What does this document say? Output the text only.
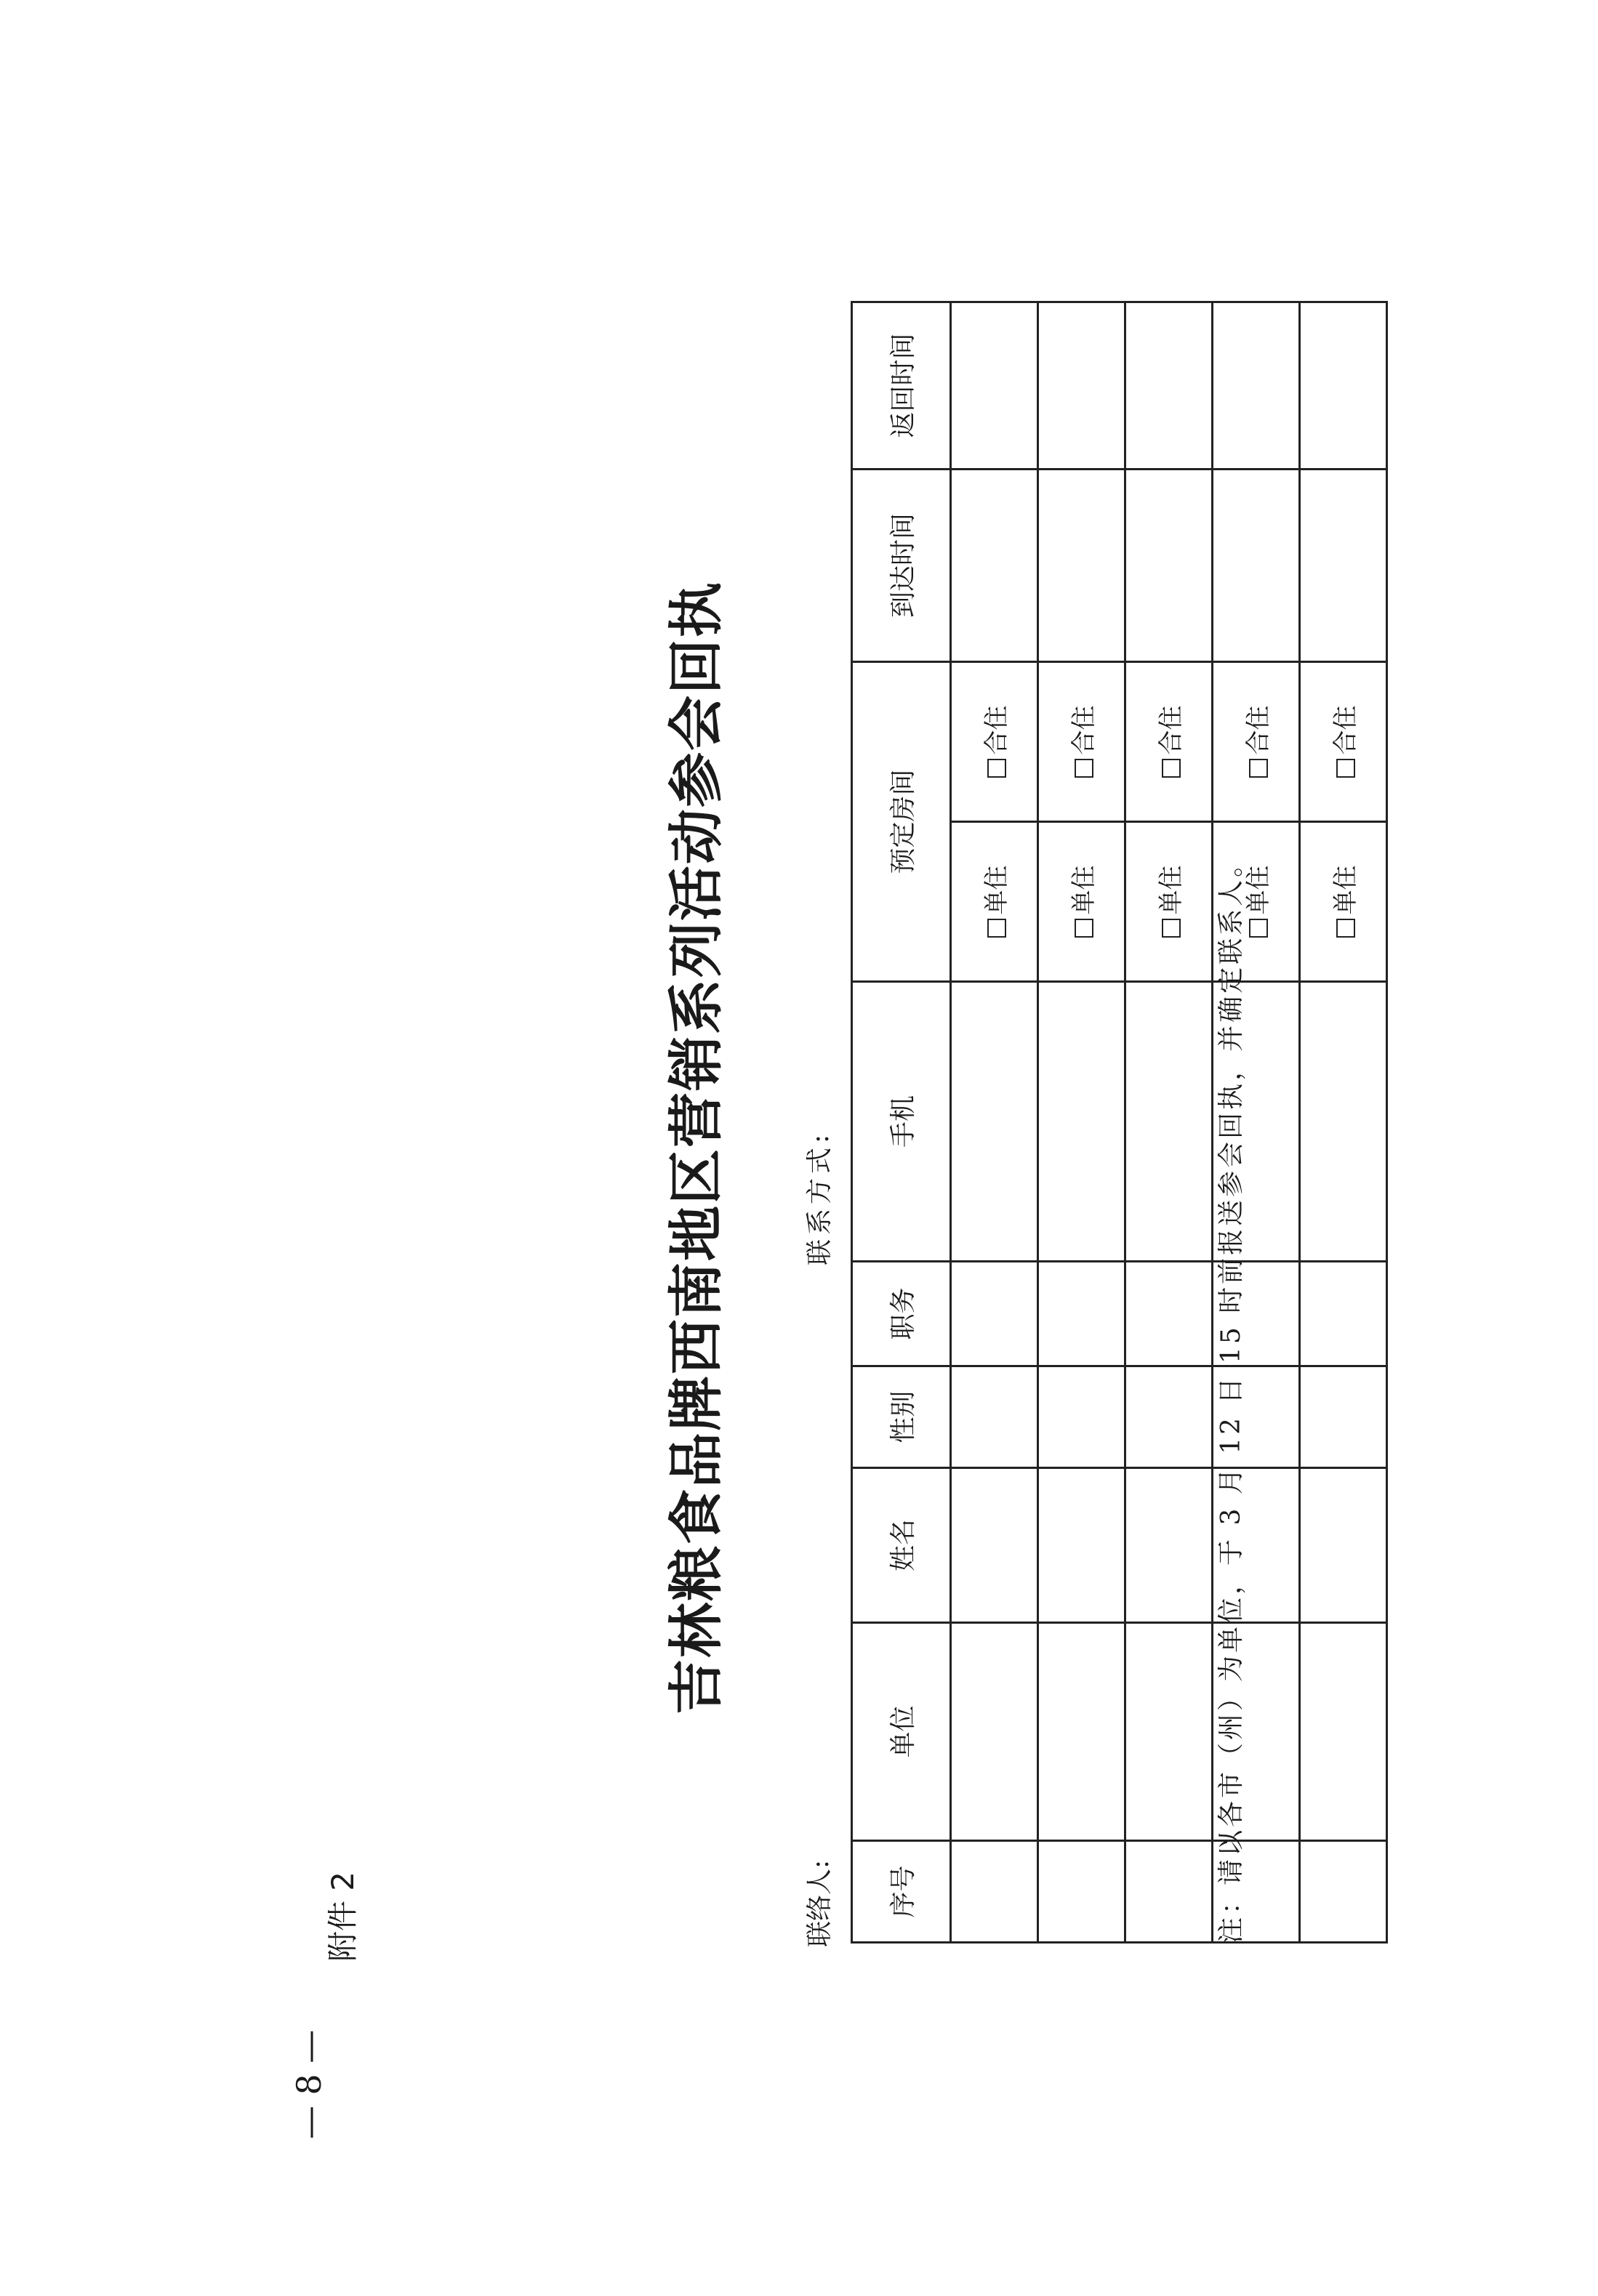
附件 2
— 8 —
吉林粮食品牌西南地区营销系列活动参会回执
联络人:
联系方式:
序号	单位	姓名	性别	职务	手机	预定房间		到达时间	返回时间
						单住	合住		
						单住	合住		
						单住	合住		
						单住	合住		
						单住	合住		
注：请以各市（州）为单位，于 3 月 12 日 15 时前报送参会回执，并确定联系人。
